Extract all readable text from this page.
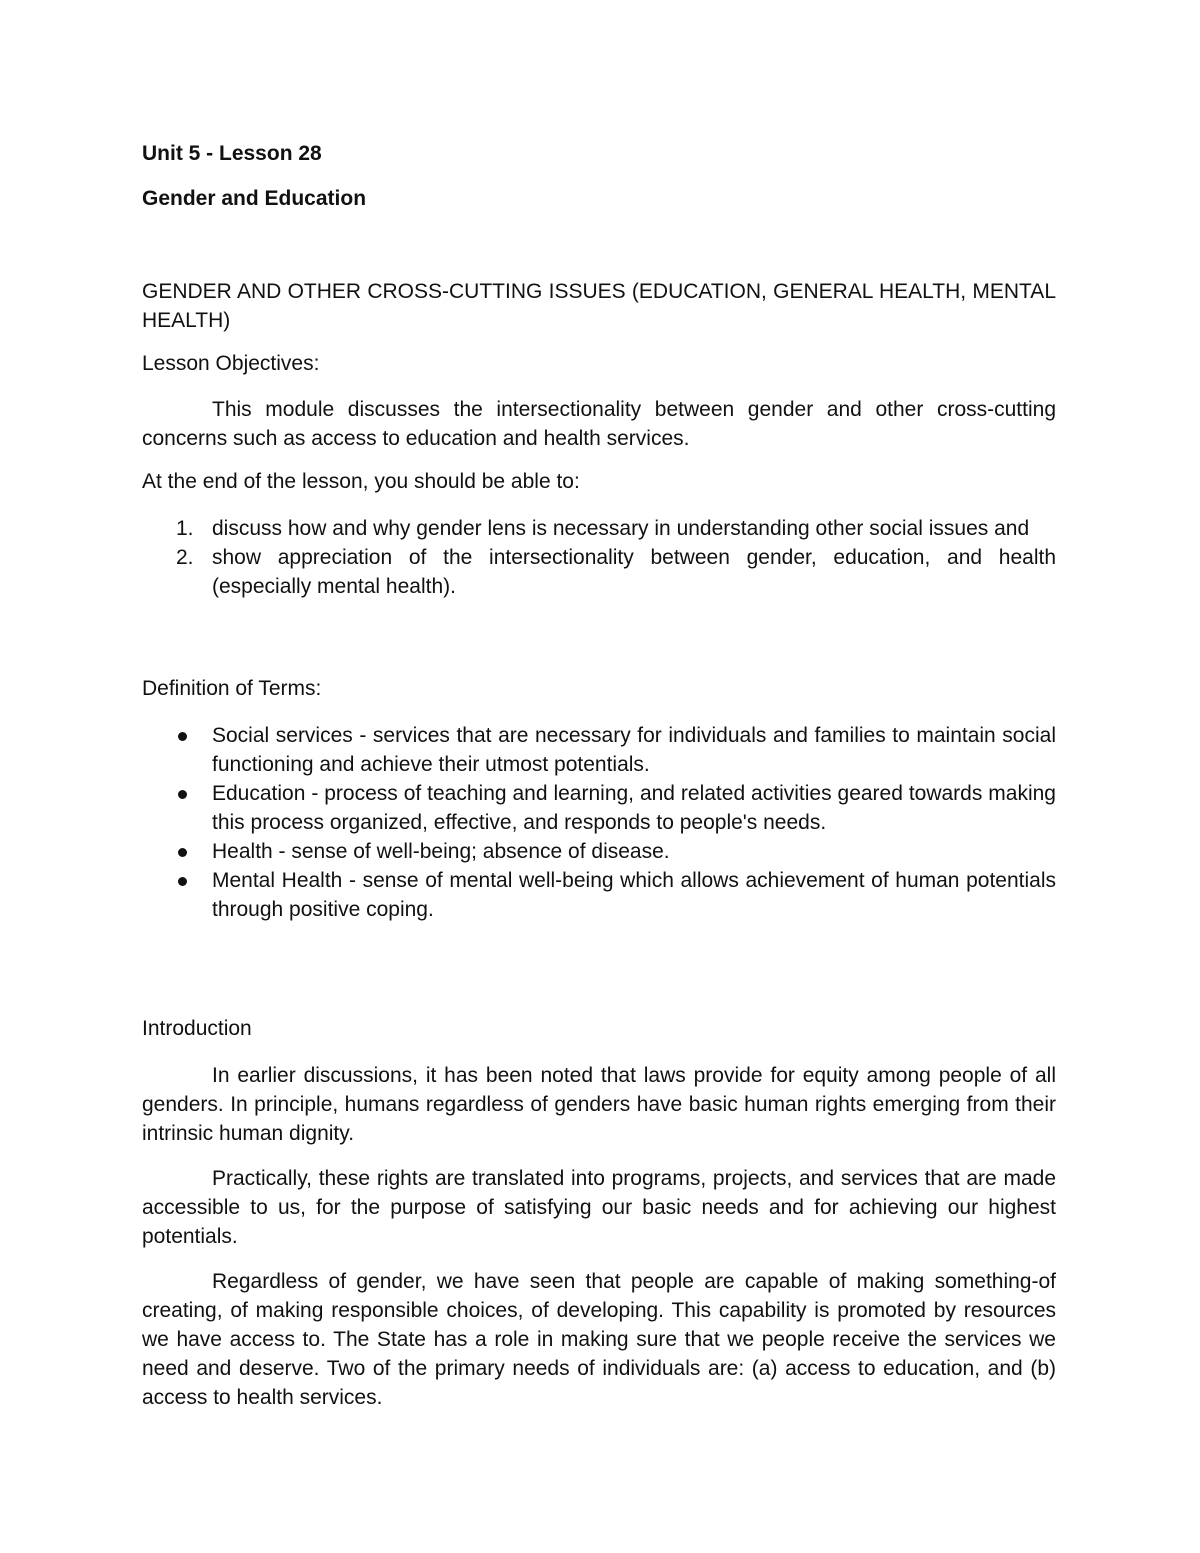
Unit 5 - Lesson 28

Gender and Education

GENDER AND OTHER CROSS-CUTTING ISSUES (EDUCATION, GENERAL HEALTH, MENTAL HEALTH)

Lesson Objectives:

This module discusses the intersectionality between gender and other cross-cutting concerns such as access to education and health services.

At the end of the lesson, you should be able to:

1. discuss how and why gender lens is necessary in understanding other social issues and
2. show appreciation of the intersectionality between gender, education, and health (especially mental health).

Definition of Terms:

Social services - services that are necessary for individuals and families to maintain social functioning and achieve their utmost potentials.
Education - process of teaching and learning, and related activities geared towards making this process organized, effective, and responds to people's needs.
Health - sense of well-being; absence of disease.
Mental Health - sense of mental well-being which allows achievement of human potentials through positive coping.

Introduction

In earlier discussions, it has been noted that laws provide for equity among people of all genders. In principle, humans regardless of genders have basic human rights emerging from their intrinsic human dignity.

Practically, these rights are translated into programs, projects, and services that are made accessible to us, for the purpose of satisfying our basic needs and for achieving our highest potentials.

Regardless of gender, we have seen that people are capable of making something-of creating, of making responsible choices, of developing. This capability is promoted by resources we have access to. The State has a role in making sure that we people receive the services we need and deserve. Two of the primary needs of individuals are: (a) access to education, and (b) access to health services.
